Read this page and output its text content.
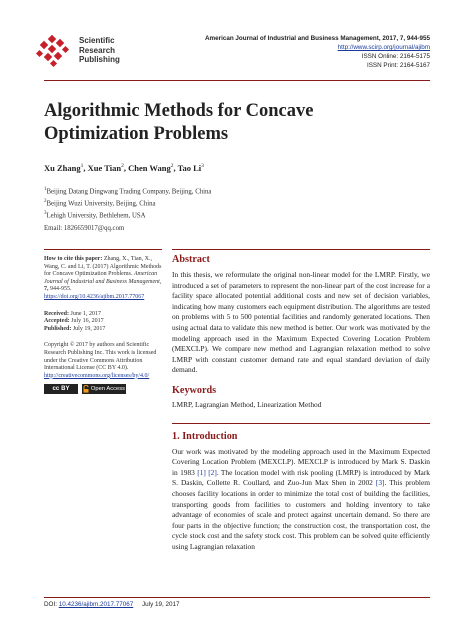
Scientific
Research
Publishing
American Journal of Industrial and Business Management, 2017, 7, 944-955
http://www.scirp.org/journal/ajibm
ISSN Online: 2164-5175
ISSN Print: 2164-5167
Algorithmic Methods for Concave
Optimization Problems
Xu Zhang$^1$, Xue Tian$^2$, Chen Wang$^2$, Tao Li$^3$
$^1$Beijing Datang Dingwang Trading Company, Beijing, China
$^2$Beijing Wuzi University, Beijing, China
$^3$Lehigh University, Bethlehem, USA
Email: 1826659017@qq.com
How to cite this paper: Zhang, X., Tian, X., Wang, C. and Li, T. (2017) Algorithmic Methods for Concave Optimization Problems. American Journal of Industrial and Business Management, 7, 944-955. https://doi.org/10.4236/ajibm.2017.77067
Received: June 1, 2017
Accepted: July 16, 2017
Published: July 19, 2017
Copyright © 2017 by authors and Scientific Research Publishing Inc. This work is licensed under the Creative Commons Attribution International License (CC BY 4.0).
http://creativecommons.org/licenses/by/4.0/
cc BY	Open Access
Abstract
In this thesis, we reformulate the original non-linear model for the LMRP. Firstly, we introduced a set of parameters to represent the non-linear part of the cost increase for a facility space allocated potential additional costs and new set of decision variables, indicating how many customers each equipment distribution. The algorithms are tested on problems with 5 to 500 potential facilities and randomly generated locations. Then using actual data to validate this new method is better. Our work was motivated by the modeling approach used in the Maximum Expected Covering Location Problem (MEXCLP). We compare new method and Lagrangian relaxation method to solve LMRP with constant customer demand rate and equal standard deviation of daily demand.
Keywords
LMRP, Lagrangian Method, Linearization Method
1. Introduction
Our work was motivated by the modeling approach used in the Maximum Expected Covering Location Problem (MEXCLP). MEXCLP is introduced by Mark S. Daskin in 1983 [1] [2]. The location model with risk pooling (LMRP) is introduced by Mark S. Daskin, Collette R. Coullard, and Zuo-Jun Max Shen in 2002 [3]. This problem chooses facility locations in order to minimize the total cost of building the facilities, transporting goods from facilities to customers and holding inventory to take advantage of economies of scale and protect against uncertain demand. So there are four parts in the objective function; the construction cost, the transportation cost, the cycle stock cost and the safety stock cost. This problem can be solved quite efficiently using Lagrangian relaxation
DOI: 10.4236/ajibm.2017.77067 July 19, 2017
